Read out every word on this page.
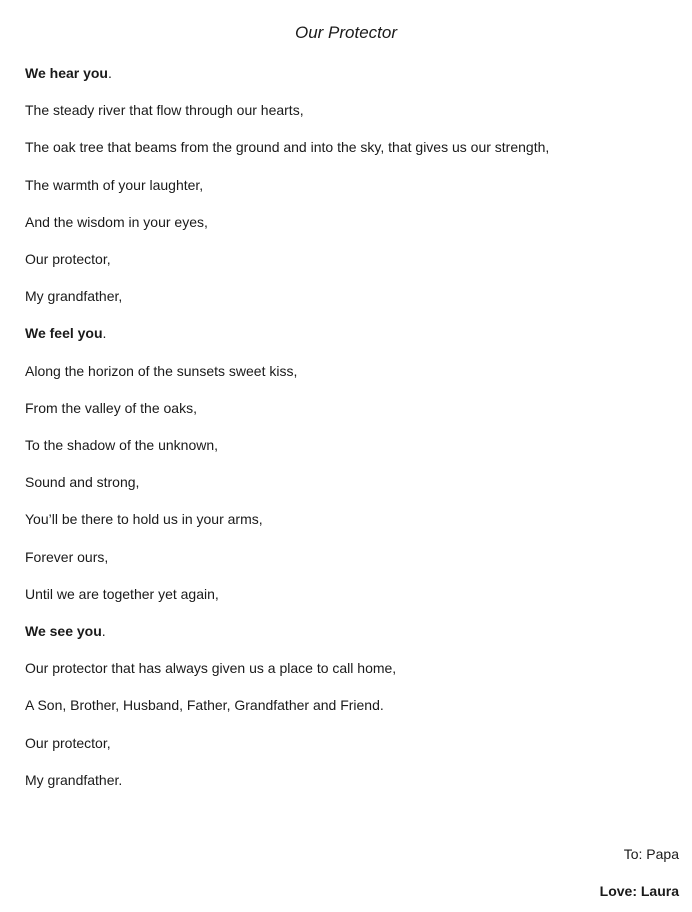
Our Protector

We hear you.

The steady river that flow through our hearts,

The oak tree that beams from the ground and into the sky, that gives us our strength,

The warmth of your laughter,

And the wisdom in your eyes,

Our protector,

My grandfather,

We feel you.

Along the horizon of the sunsets sweet kiss,

From the valley of the oaks,

To the shadow of the unknown,

Sound and strong,

You’ll be there to hold us in your arms,

Forever ours,

Until we are together yet again,

We see you.

Our protector that has always given us a place to call home,

A Son, Brother, Husband, Father, Grandfather and Friend.

Our protector,

My grandfather.

To: Papa

Love: Laura
